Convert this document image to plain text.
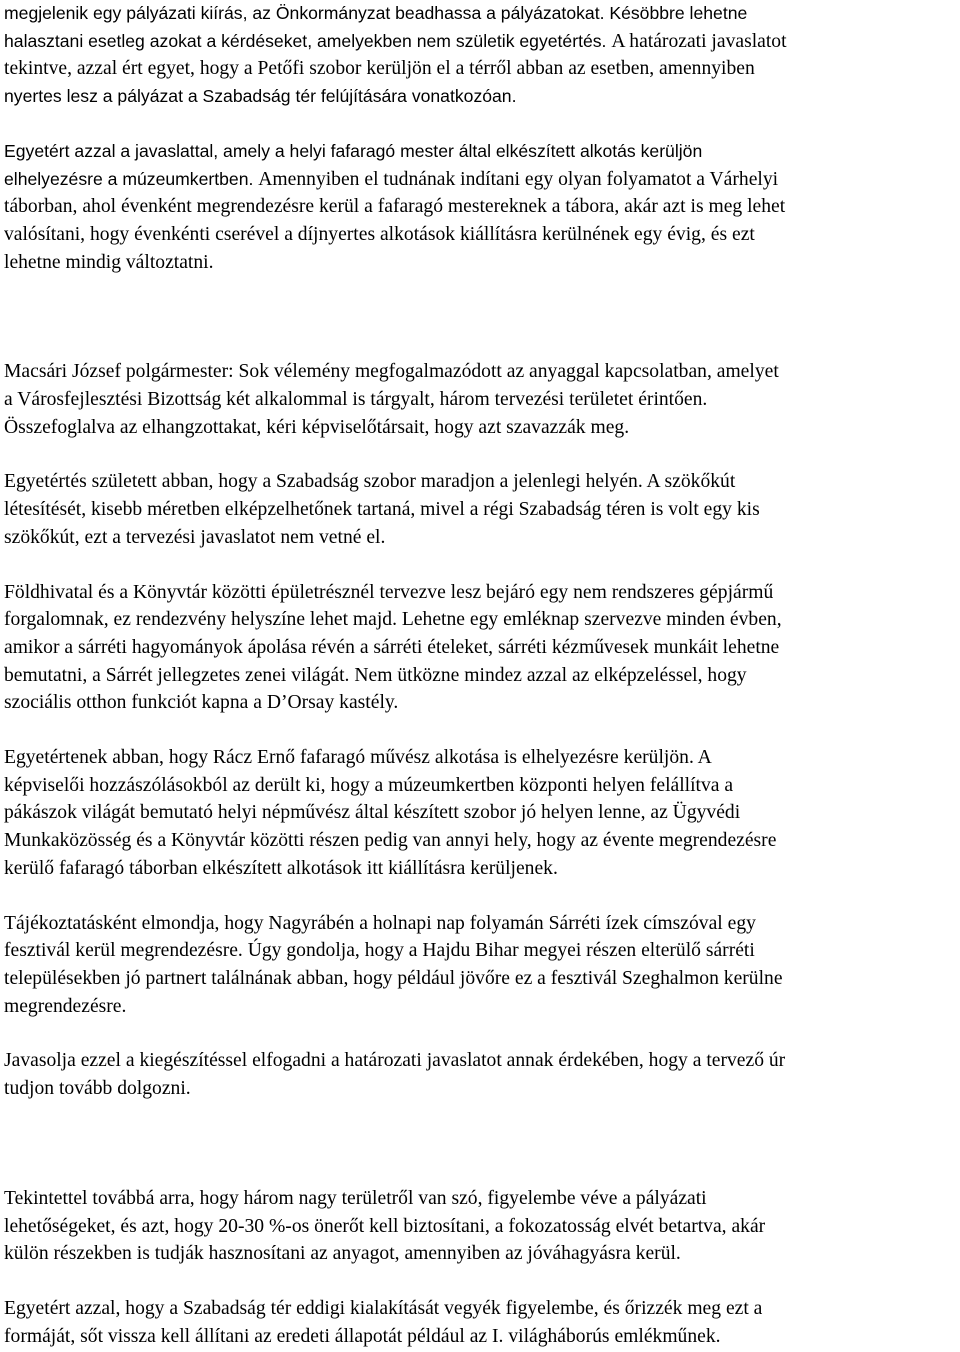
megjelenik egy pályázati kiírás, az Önkormányzat beadhassa a pályázatokat. Késöbbre lehetne
halasztani esetleg azokat a kérdéseket, amelyekben nem születik egyetértés. A határozati javaslatot
tekintve, azzal ért egyet, hogy a Petőfi szobor kerüljön el a térről abban az esetben, amennyiben
nyertes lesz a pályázat a Szabadság tér felújítására vonatkozóan.
Egyetért azzal a javaslattal, amely a helyi fafaragó mester által elkészített alkotás kerüljön
elhelyezésre a múzeumkertben. Amennyiben el tudnának indítani egy olyan folyamatot a Várhelyi
táborban, ahol évenként megrendezésre kerül a fafaragó mestereknek a tábora, akár azt is meg lehet
valósítani, hogy évenkénti cserével a díjnyertes alkotások kiállításra kerülnének egy évig, és ezt
lehetne mindig változtatni.
Macsári József polgármester: Sok vélemény megfogalmazódott az anyaggal kapcsolatban, amelyet
a Városfejlesztési Bizottság két alkalommal is tárgyalt, három tervezési területet érintően.
Összefoglalva az elhangzottakat, kéri képviselőtársait, hogy azt szavazzák meg.
Egyetértés született abban, hogy a Szabadság szobor maradjon a jelenlegi helyén. A szökőkút
létesítését, kisebb méretben elképzelhetőnek tartaná, mivel a régi Szabadság téren is volt egy kis
szökőkút, ezt a tervezési javaslatot nem vetné el.
Földhivatal és a Könyvtár közötti épületrésznél tervezve lesz bejáró egy nem rendszeres gépjármű
forgalomnak, ez rendezvény helyszíne lehet majd. Lehetne egy emléknap szervezve minden évben,
amikor a sárréti hagyományok ápolása révén a sárréti ételeket, sárréti kézművesek munkáit lehetne
bemutatni, a Sárrét jellegzetes zenei világát. Nem ütközne mindez azzal az elképzeléssel, hogy
szociális otthon funkciót kapna a D’Orsay kastély.
Egyetértenek abban, hogy Rácz Ernő fafaragó művész alkotása is elhelyezésre kerüljön. A
képviselői hozzászólásokból az derült ki, hogy a múzeumkertben központi helyen felállítva a
pákászok világát bemutató helyi népművész által készített szobor jó helyen lenne, az Ügyvédi
Munkaközösség és a Könyvtár közötti részen pedig van annyi hely, hogy az évente megrendezésre
kerülő fafaragó táborban elkészített alkotások itt kiállításra kerüljenek.
Tájékoztatásként elmondja, hogy Nagyrábén a holnapi nap folyamán Sárréti ízek címszóval egy
fesztivál kerül megrendezésre. Úgy gondolja, hogy a Hajdu Bihar megyei részen elterülő sárréti
településekben jó partnert találnának abban, hogy például jövőre ez a fesztivál Szeghalmon kerülne
megrendezésre.
Javasolja ezzel a kiegészítéssel elfogadni a határozati javaslatot annak érdekében, hogy a tervező úr
tudjon tovább dolgozni.
Tekintettel továbbá arra, hogy három nagy területről van szó, figyelembe véve a pályázati
lehetőségeket, és azt, hogy 20-30 %-os önerőt kell biztosítani, a fokozatosság elvét betartva, akár
külön részekben is tudják hasznosítani az anyagot, amennyiben az jóváhagyásra kerül.
Egyetért azzal, hogy a Szabadság tér eddigi kialakítását vegyék figyelembe, és őrizzék meg ezt a
formáját, sőt vissza kell állítani az eredeti állapotát például az I. világháborús emlékműnek.
